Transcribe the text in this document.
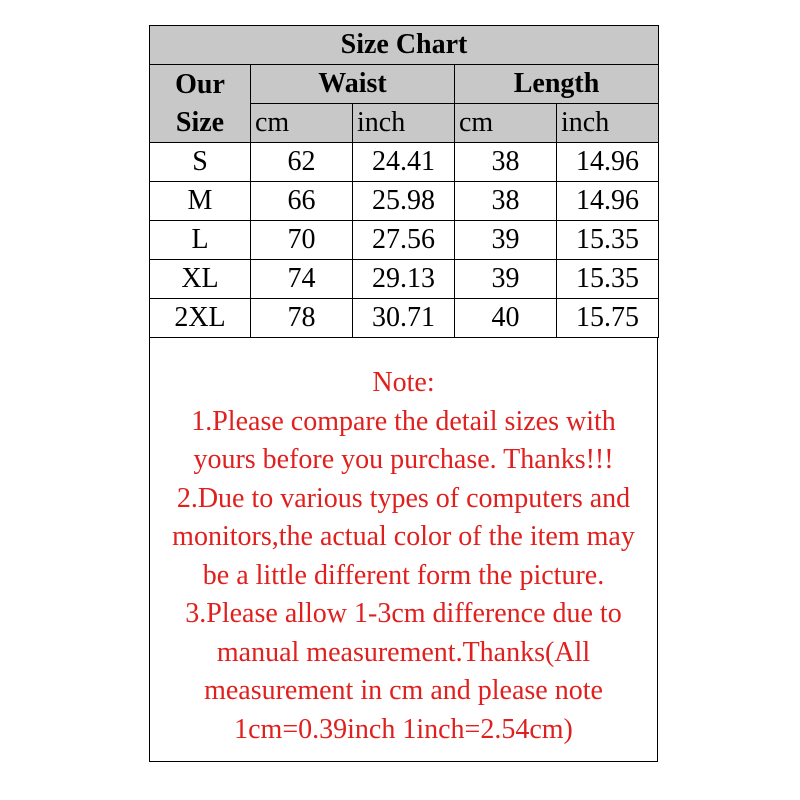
Size Chart				

Our
Size	Waist		Length	
	cm	inch	cm	inch
S	62	24.41	38	14.96
M	66	25.98	38	14.96
L	70	27.56	39	15.35
XL	74	29.13	39	15.35
2XL	78	30.71	40	15.75
Note:
1.Please compare the detail sizes with
yours before you purchase. Thanks!!!
2.Due to various types of computers and
monitors,the actual color of the item may
be a little different form the picture.
3.Please allow 1-3cm difference due to
manual measurement.Thanks(All
measurement in cm and please note
1cm=0.39inch 1inch=2.54cm)
